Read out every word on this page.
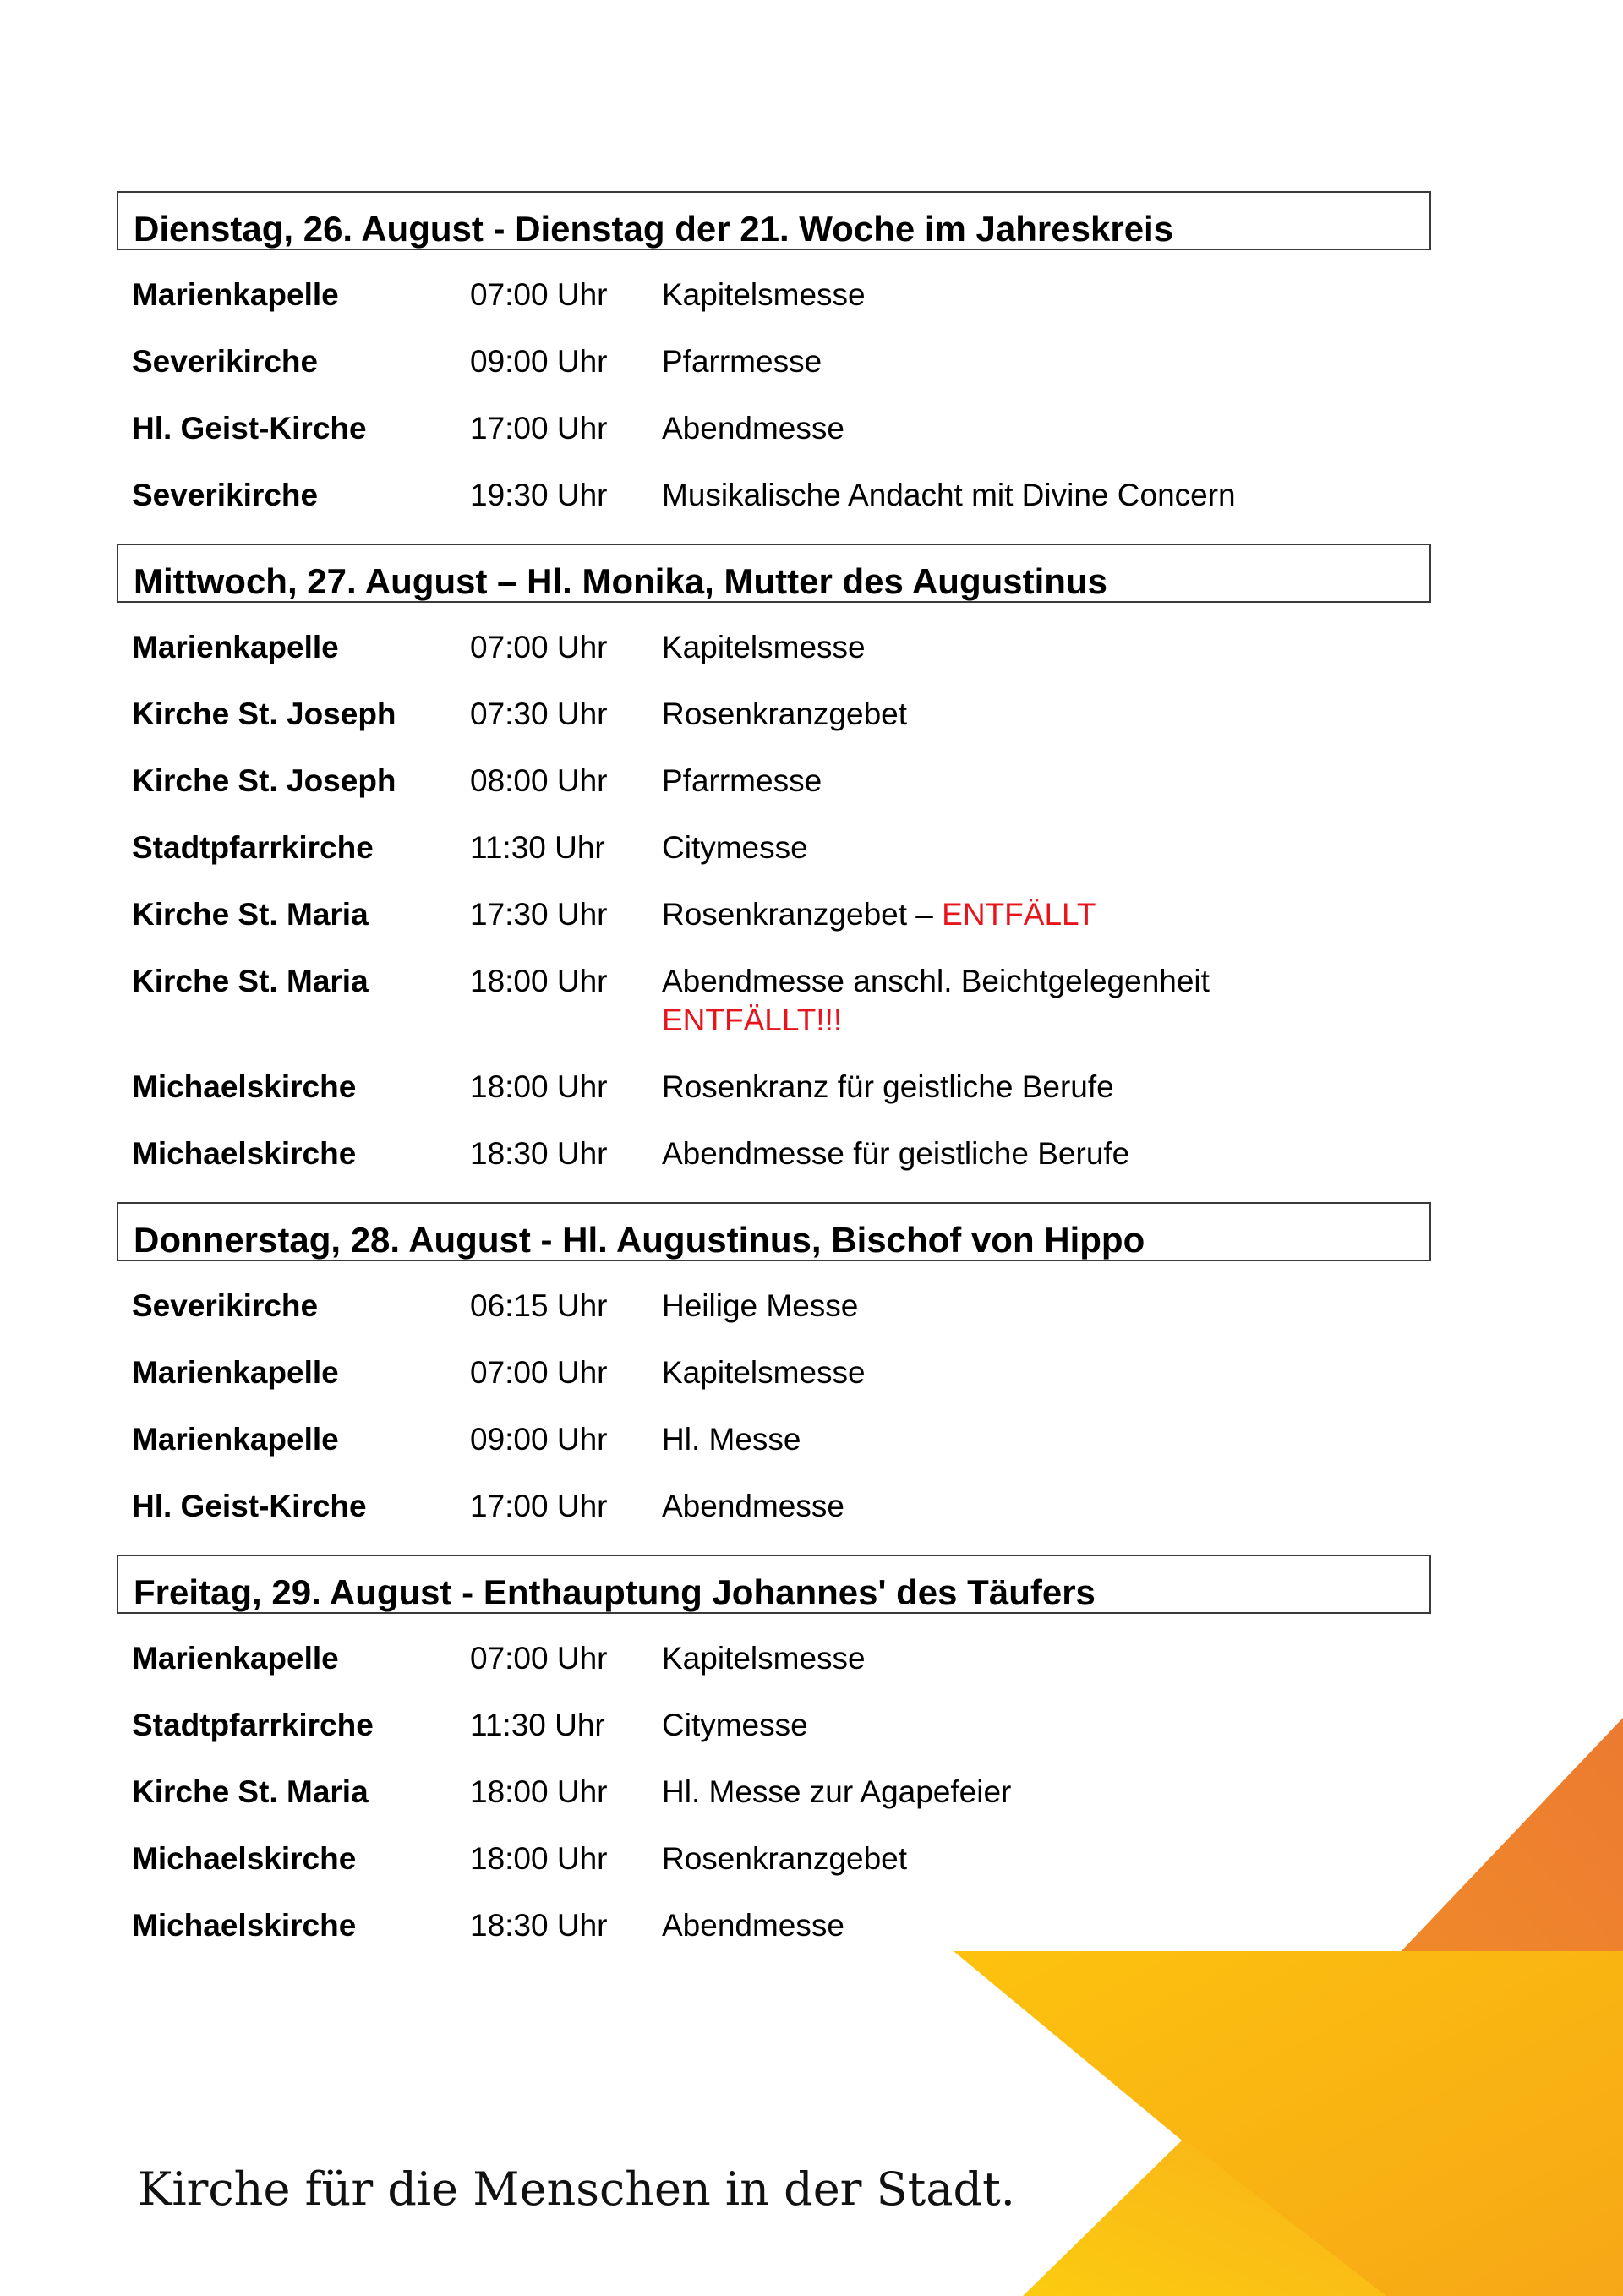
Dienstag, 26. August - Dienstag der 21. Woche im Jahreskreis
Marienkapelle	07:00 Uhr	Kapitelsmesse
Severikirche	09:00 Uhr	Pfarrmesse
Hl. Geist-Kirche	17:00 Uhr	Abendmesse
Severikirche	19:30 Uhr	Musikalische Andacht mit Divine Concern
Mittwoch, 27. August – Hl. Monika, Mutter des Augustinus
Marienkapelle	07:00 Uhr	Kapitelsmesse
Kirche St. Joseph	07:30 Uhr	Rosenkranzgebet
Kirche St. Joseph	08:00 Uhr	Pfarrmesse
Stadtpfarrkirche	11:30 Uhr	Citymesse
Kirche St. Maria	17:30 Uhr	Rosenkranzgebet – ENTFÄLLT
Kirche St. Maria	18:00 Uhr	Abendmesse anschl. Beichtgelegenheit
ENTFÄLLT!!!
Michaelskirche	18:00 Uhr	Rosenkranz für geistliche Berufe
Michaelskirche	18:30 Uhr	Abendmesse für geistliche Berufe
Donnerstag, 28. August - Hl. Augustinus, Bischof von Hippo
Severikirche	06:15 Uhr	Heilige Messe
Marienkapelle	07:00 Uhr	Kapitelsmesse
Marienkapelle	09:00 Uhr	Hl. Messe
Hl. Geist-Kirche	17:00 Uhr	Abendmesse
Freitag, 29. August - Enthauptung Johannes' des Täufers
Marienkapelle	07:00 Uhr	Kapitelsmesse
Stadtpfarrkirche	11:30 Uhr	Citymesse
Kirche St. Maria	18:00 Uhr	Hl. Messe zur Agapefeier
Michaelskirche	18:00 Uhr	Rosenkranzgebet
Michaelskirche	18:30 Uhr	Abendmesse
Kirche für die Menschen in der Stadt.
